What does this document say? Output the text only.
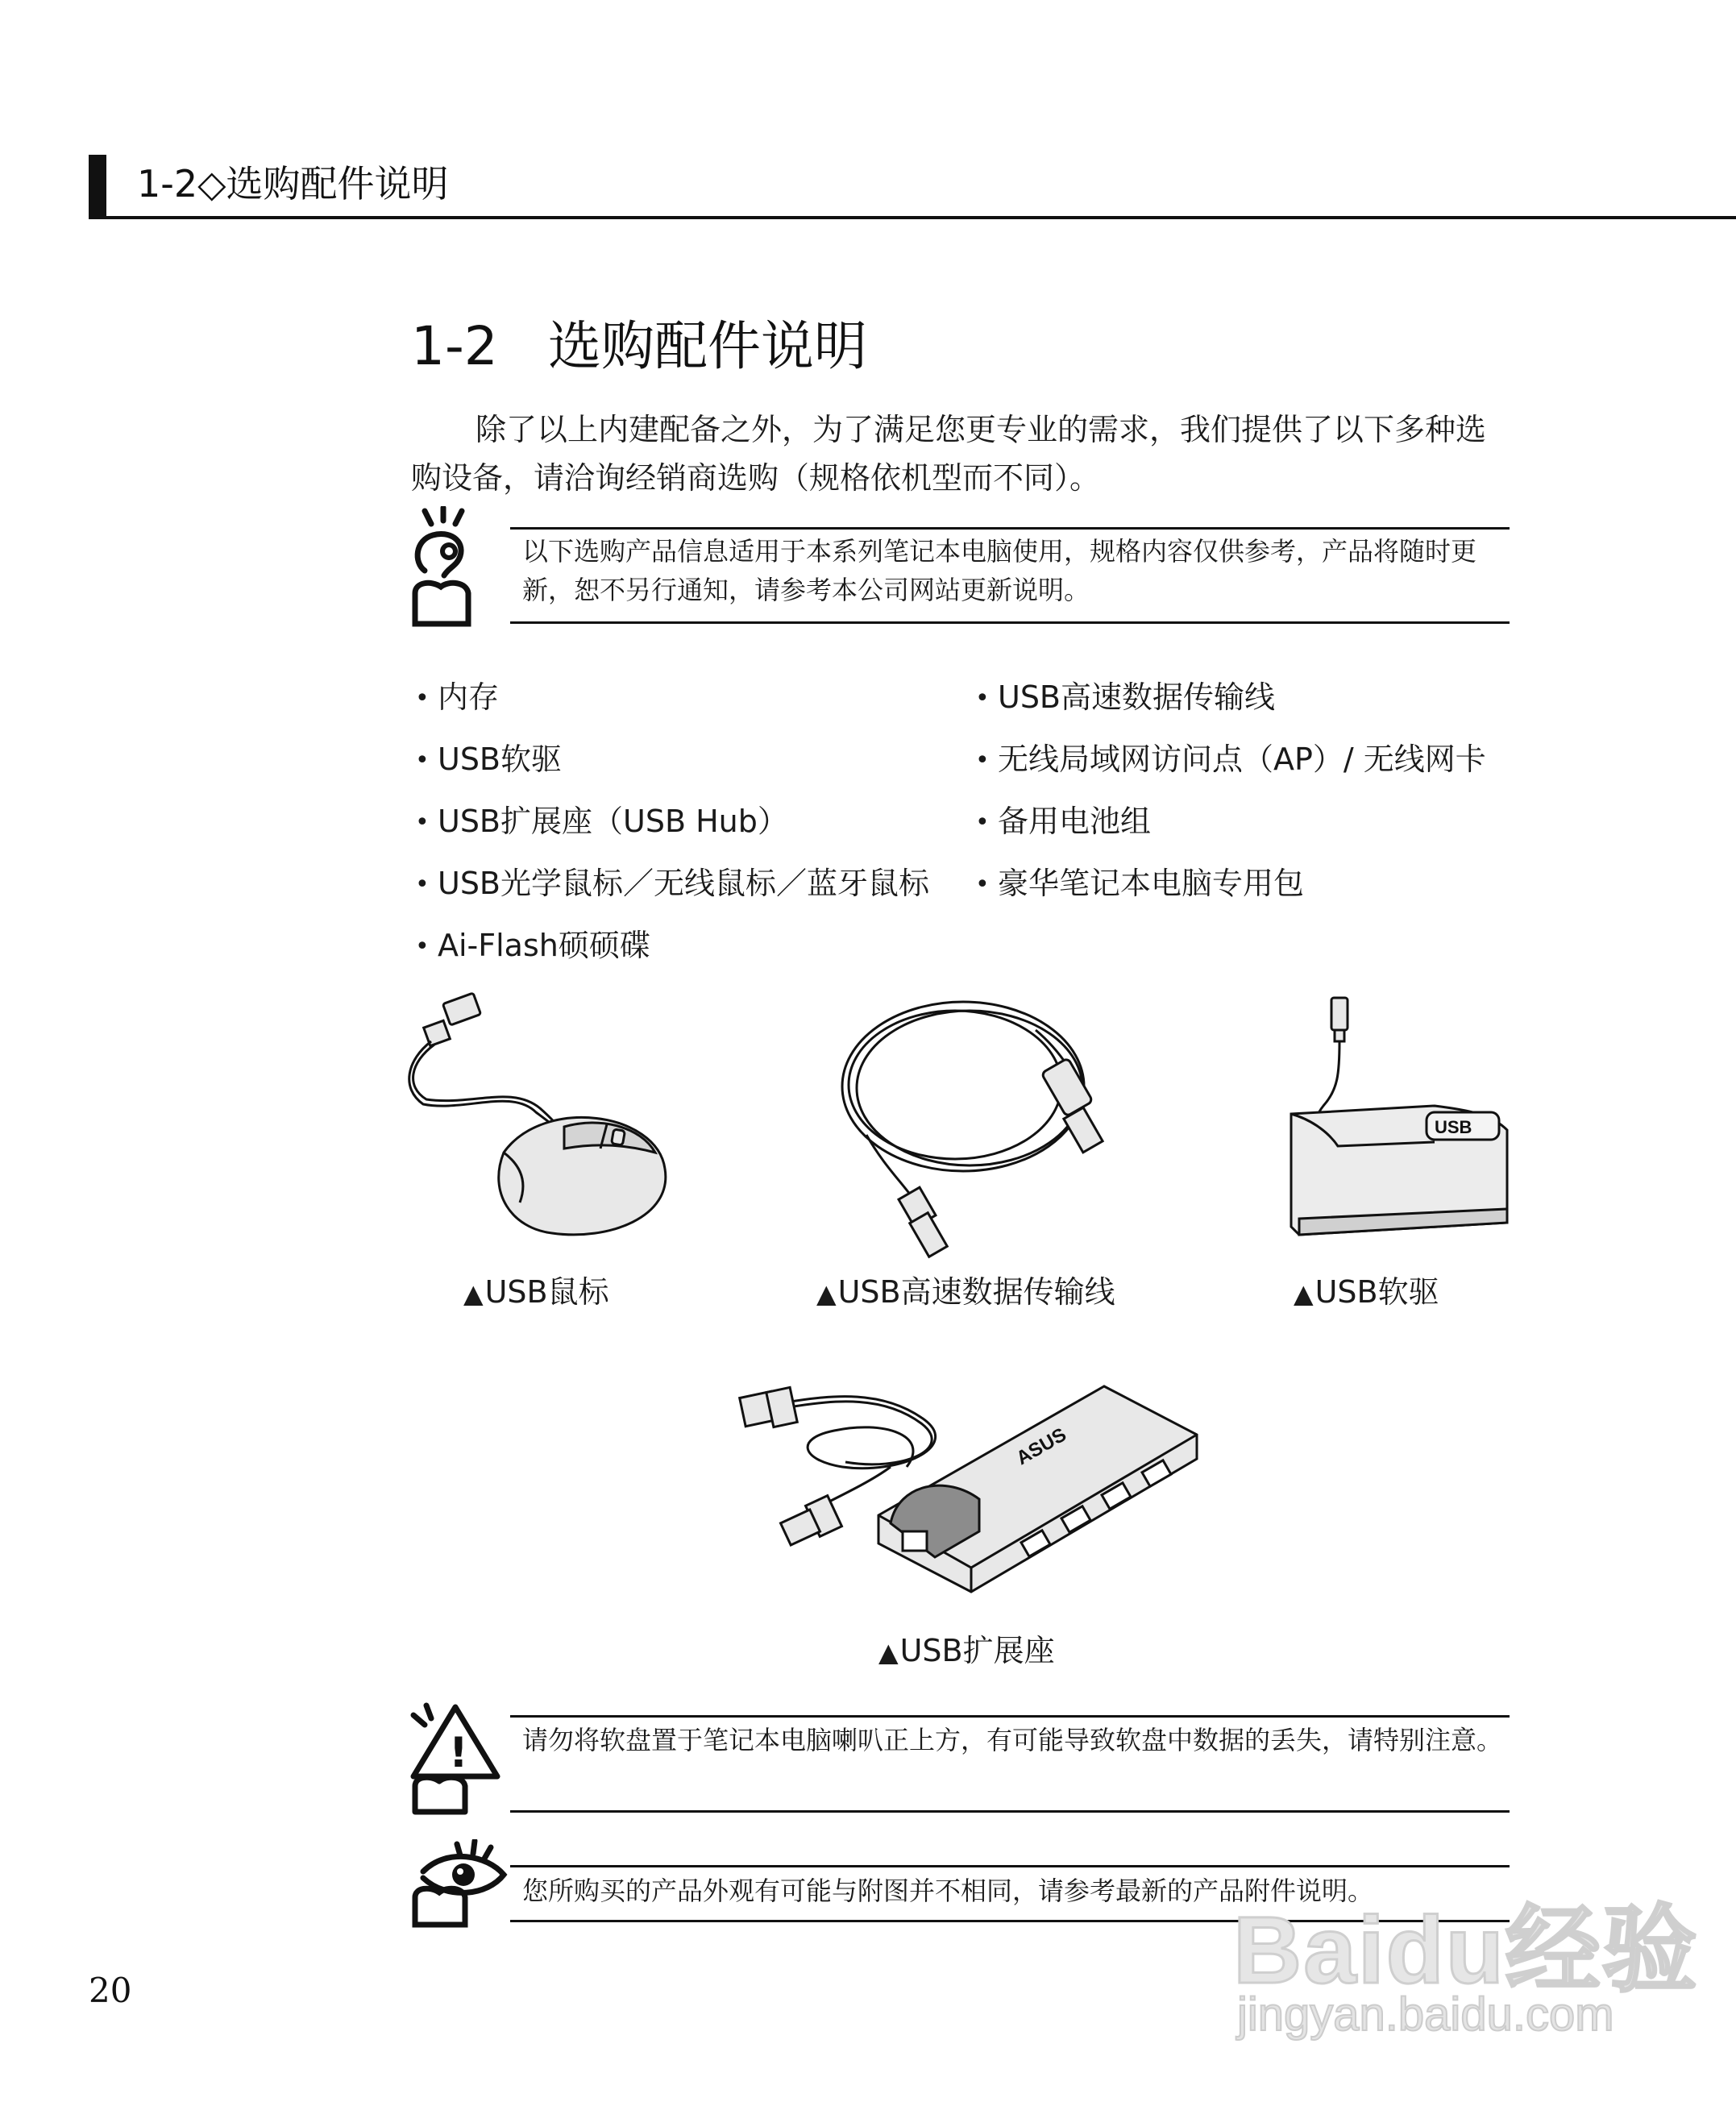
1-2◇选购配件说明
1-2 选购配件说明

除了以上内建配备之外，为了满足您更专业的需求，我们提供了以下多种选购设备，请洽询经销商选购（规格依机型而不同）。

以下选购产品信息适用于本系列笔记本电脑使用，规格内容仅供参考，产品将随时更新，恕不另行通知，请参考本公司网站更新说明。
• 内存
• USB软驱
• USB扩展座（USB Hub）
• USB光学鼠标／无线鼠标／蓝牙鼠标
• Ai-Flash硕硕碟
• USB高速数据传输线
• 无线局域网访问点（AP）/ 无线网卡
• 备用电池组
• 豪华笔记本电脑专用包
▲USB鼠标	▲USB高速数据传输线
USB
▲USB软驱
ASUS
▲USB扩展座
! 请勿将软盘置于笔记本电脑喇叭正上方，有可能导致软盘中数据的丢失，请特别注意。
您所购买的产品外观有可能与附图并不相同，请参考最新的产品附件说明。
20	Baidu经验
jingyan.baidu.com
